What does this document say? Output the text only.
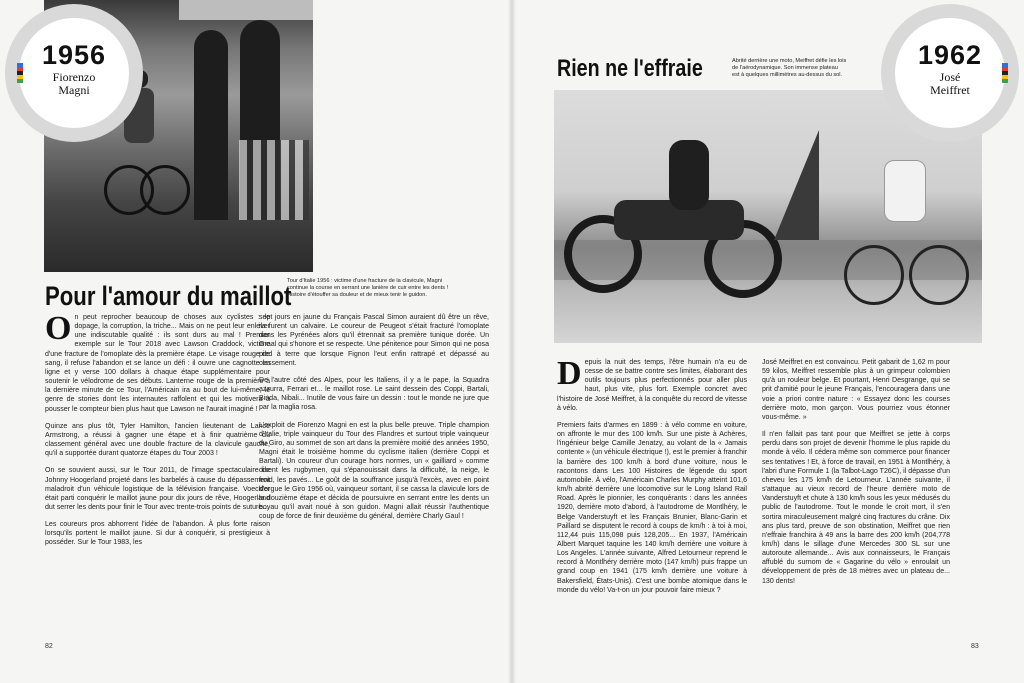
1956
Fiorenzo
Magni
Tour d'Italie 1956 : victime d'une fracture de la clavicule, Magni
continue la course en serrant une lanière de cuir entre les dents !
Histoire d'étouffer sa douleur et de mieux tenir le guidon.
Pour l'amour du maillot

On peut reprocher beaucoup de choses aux cyclistes : le dopage, la corruption, la triche... Mais on ne peut leur enlever une indiscutable qualité : ils sont durs au mal ! Premier exemple sur le Tour 2018 avec Lawson Craddock, victime d'une fracture de l'omoplate dès la première étape. Le visage rouge de sang, il refuse l'abandon et se lance un défi : il ouvre une cagnotte en ligne et y verse 100 dollars à chaque étape supplémentaire pour soutenir le vélodrome de ses débuts. Lanterne rouge de la première à la dernière minute de ce Tour, l'Américain ira au bout de lui-même, le genre de stories dont les internautes raffolent et qui les motivera à pousser le compteur bien plus haut que Lawson ne l'aurait imaginé !

Quinze ans plus tôt, Tyler Hamilton, l'ancien lieutenant de Lance Armstrong, a réussi à gagner une étape et à finir quatrième du classement général avec une double fracture de la clavicule gauche, qu'il a supportée durant quatorze étapes du Tour 2003 !

On se souvient aussi, sur le Tour 2011, de l'image spectaculaire de Johnny Hoogerland projeté dans les barbelés à cause du dépassement maladroit d'un véhicule logistique de la télévision française. Voeckler était parti conquérir le maillot jaune pour dix jours de rêve, Hoogerland dut serrer les dents pour finir le Tour avec trente-trois points de suture...

Les coureurs pros abhorrent l'idée de l'abandon. À plus forte raison lorsqu'ils portent le maillot jaune. Si dur à conquérir, si prestigieux à posséder. Sur le Tour 1983, les

sept jours en jaune du Français Pascal Simon auraient dû être un rêve, ils furent un calvaire. Le coureur de Peugeot s'était fracturé l'omoplate dans les Pyrénées alors qu'il étrennait sa première tunique dorée. Un Graal qui s'honore et se respecte. Une pénitence pour Simon qui ne posa pied à terre que lorsque Fignon l'eut enfin rattrapé et dépassé au classement.

De l'autre côté des Alpes, pour les Italiens, il y a le pape, la Squadra azzurra, Ferrari et... le maillot rose. Le saint dessein des Coppi, Bartali, Binda, Nibali... Inutile de vous faire un dessin : tout le monde ne jure que par la maglia rosa.

L'exploit de Fiorenzo Magni en est la plus belle preuve. Triple champion d'Italie, triple vainqueur du Tour des Flandres et surtout triple vainqueur du Giro, au sommet de son art dans la première moitié des années 1950, Magni était le troisième homme du cyclisme italien (derrière Coppi et Bartali). Un coureur d'un courage hors normes, un « gailliard » comme disent les rugbymen, qui s'épanouissait dans la difficulté, la neige, le froid, les pavés... Le goût de la souffrance jusqu'à l'excès, avec en point d'orgue le Giro 1956 où, vainqueur sortant, il se cassa la clavicule lors de la douzième étape et décida de poursuivre en serrant entre les dents un boyau qu'il avait noué à son guidon. Magni allait réussir l'authentique coup de force de finir deuxième du général, derrière Charly Gaul !

82
Rien ne l'effraie	Abrité derrière une moto, Meiffret défie les lois
de l'aérodynamique. Son immense plateau
est à quelques millimètres au-dessus du sol.
1962
José
Meiffret

Depuis la nuit des temps, l'être humain n'a eu de cesse de se battre contre ses limites, élaborant des outils toujours plus perfectionnés pour aller plus haut, plus vite, plus fort. Exemple concret avec l'histoire de José Meiffret, à la conquête du record de vitesse à vélo.

Premiers faits d'armes en 1899 : à vélo comme en voiture, on affronte le mur des 100 km/h. Sur une piste à Achères, l'ingénieur belge Camille Jenatzy, au volant de la « Jamais contente » (un véhicule électrique !), est le premier à franchir la barrière des 100 km/h à bord d'une voiture, nous le racontons dans Les 100 Histoires de légende du sport automobile. À vélo, l'Américain Charles Murphy atteint 101,6 km/h abrité derrière une locomotive sur le Long Island Rail Road. Après le pionnier, les conquérants : dans les années 1920, derrière moto d'abord, à l'autodrome de Montlhéry, le Belge Vanderstuyft et les Français Brunier, Blanc-Garin et Paillard se disputent le record à coups de km/h : à toi à moi, 112,44 puis 115,098 puis 128,205... En 1937, l'Américain Albert Marquet taquine les 140 km/h derrière une voiture à Los Angeles. L'année suivante, Alfred Letourneur reprend le record à Montlhéry derrière moto (147 km/h) puis frappe un grand coup en 1941 (175 km/h derrière une voiture à Bakersfield, États-Unis). C'est une bombe atomique dans le monde du vélo! Va-t-on un jour pouvoir faire mieux ?

José Meiffret en est convaincu. Petit gabarit de 1,62 m pour 59 kilos, Meiffret ressemble plus à un grimpeur colombien qu'à un rouleur belge. Et pourtant, Henri Desgrange, qui se prit d'amitié pour le jeune Français, l'encouragera dans une voie a priori contre nature : « Essayez donc les courses derrière moto, mon garçon. Vous pourriez vous étonner vous-même. »

Il n'en fallait pas tant pour que Meiffret se jette à corps perdu dans son projet de devenir l'homme le plus rapide du monde à vélo. Il cédera même son commerce pour financer ses tentatives ! Et, à force de travail, en 1951 à Montlhéry, à l'abri d'une Formule 1 (la Talbot-Lago T26C), il dépasse d'un cheveu les 175 km/h de Letourneur. L'année suivante, il s'attaque au vieux record de l'heure derrière moto de Vanderstuyft et chute à 130 km/h sous les yeux médusés du public de l'autodrome. Tout le monde le croit mort, il s'en sortira miraculeusement malgré cinq fractures du crâne. Dix ans plus tard, preuve de son obstination, Meiffret que rien n'effraie franchira à 49 ans la barre des 200 km/h (204,778 km/h) dans le sillage d'une Mercedes 300 SL sur une autoroute allemande... Avis aux connaisseurs, le Français affublé du surnom de « Gagarine du vélo » enroulait un développement de près de 18 mètres avec un plateau de... 130 dents!

83
